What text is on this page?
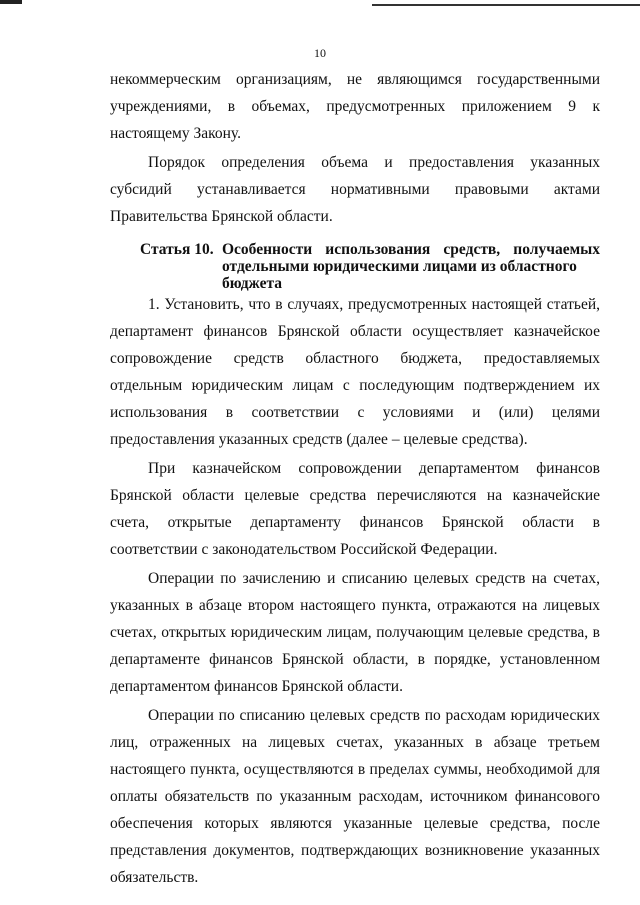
10

некоммерческим организациям, не являющимся государственными учреждениями, в объемах, предусмотренных приложением 9 к настоящему Закону.

Порядок определения объема и предоставления указанных субсидий устанавливается нормативными правовыми актами Правительства Брянской области.

Статья 10. Особенности использования средств, получаемых отдельными юридическими лицами из областного
бюджета

1. Установить, что в случаях, предусмотренных настоящей статьей, департамент финансов Брянской области осуществляет казначейское сопровождение средств областного бюджета, предоставляемых отдельным юридическим лицам с последующим подтверждением их использования в соответствии с условиями и (или) целями предоставления указанных средств (далее – целевые средства).

При казначейском сопровождении департаментом финансов Брянской области целевые средства перечисляются на казначейские счета, открытые департаменту финансов Брянской области в соответствии с законодательством Российской Федерации.

Операции по зачислению и списанию целевых средств на счетах, указанных в абзаце втором настоящего пункта, отражаются на лицевых счетах, открытых юридическим лицам, получающим целевые средства, в департаменте финансов Брянской области, в порядке, установленном департаментом финансов Брянской области.

Операции по списанию целевых средств по расходам юридических лиц, отраженных на лицевых счетах, указанных в абзаце третьем настоящего пункта, осуществляются в пределах суммы, необходимой для оплаты обязательств по указанным расходам, источником финансового обеспечения которых являются указанные целевые средства, после представления документов, подтверждающих возникновение указанных обязательств.
